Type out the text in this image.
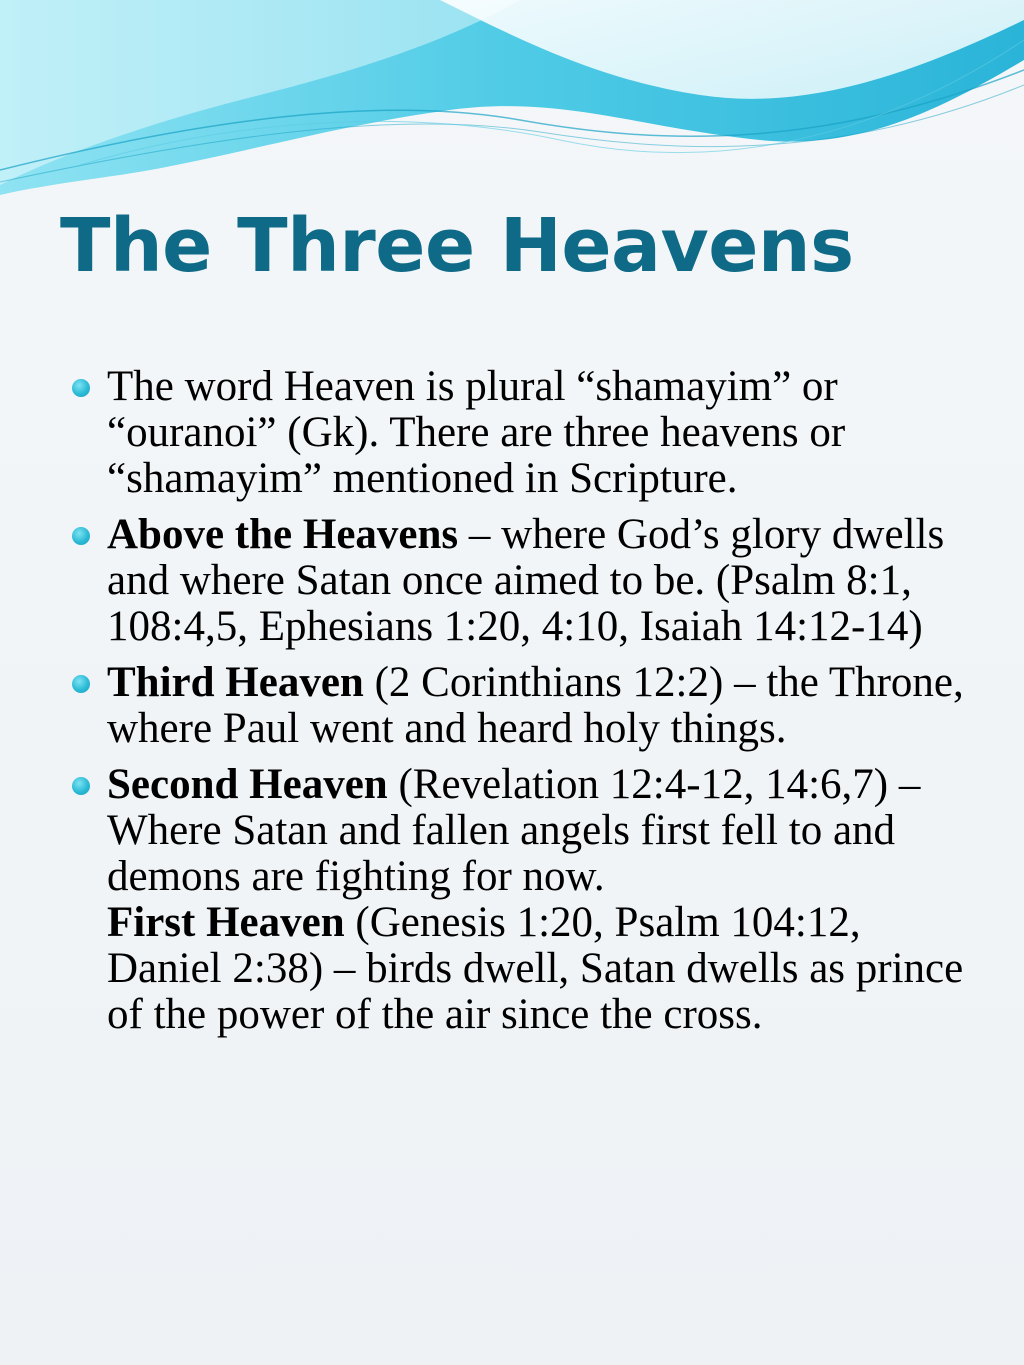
The Three Heavens
The word Heaven is plural “shamayim” or “ouranoi” (Gk). There are three heavens or “shamayim” mentioned in Scripture.
Above the Heavens – where God’s glory dwells and where Satan once aimed to be. (Psalm 8:1, 108:4,5, Ephesians 1:20, 4:10, Isaiah 14:12-14)
Third Heaven (2 Corinthians 12:2) – the Throne, where Paul went and heard holy things.
Second Heaven (Revelation 12:4-12, 14:6,7) –Where Satan and fallen angels first fell to and demons are fighting for now.
First Heaven (Genesis 1:20, Psalm 104:12, Daniel 2:38) – birds dwell, Satan dwells as prince of the power of the air since the cross.
